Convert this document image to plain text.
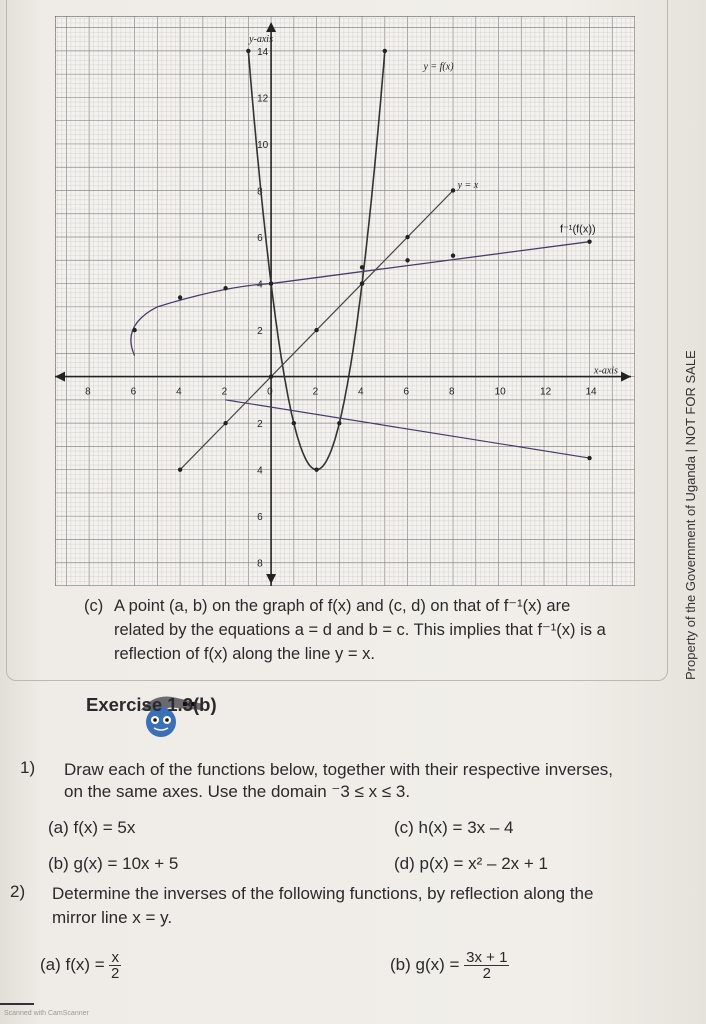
8	6	4	2	0	2	4	6	8	10	12	14
14
12
10
8
6
4
2
2
4
6
8
y-axis
x-axis
y = f(x)
y = x
f⁻¹(f(x))
(c) A point (a, b) on the graph of f(x) and (c, d) on that of f⁻¹(x) are
related by the equations a = d and b = c. This implies that f⁻¹(x) is a
reflection of f(x) along the line y = x.
Exercise 1.3(b)
1) Draw each of the functions below, together with their respective inverses,
on the same axes. Use the domain ⁻3 ≤ x ≤ 3.
(a) f(x) = 5x	(c) h(x) = 3x – 4
(b) g(x) = 10x + 5	(d) p(x) = x² – 2x + 1
2) Determine the inverses of the following functions, by reflection along the
mirror line x = y.
(a) $f(x) = \frac{x}{2}$	(b) $g(x) = \frac{3x + 1}{2}$
Property of the Government of Uganda | NOT FOR SALE
Scanned with CamScanner
